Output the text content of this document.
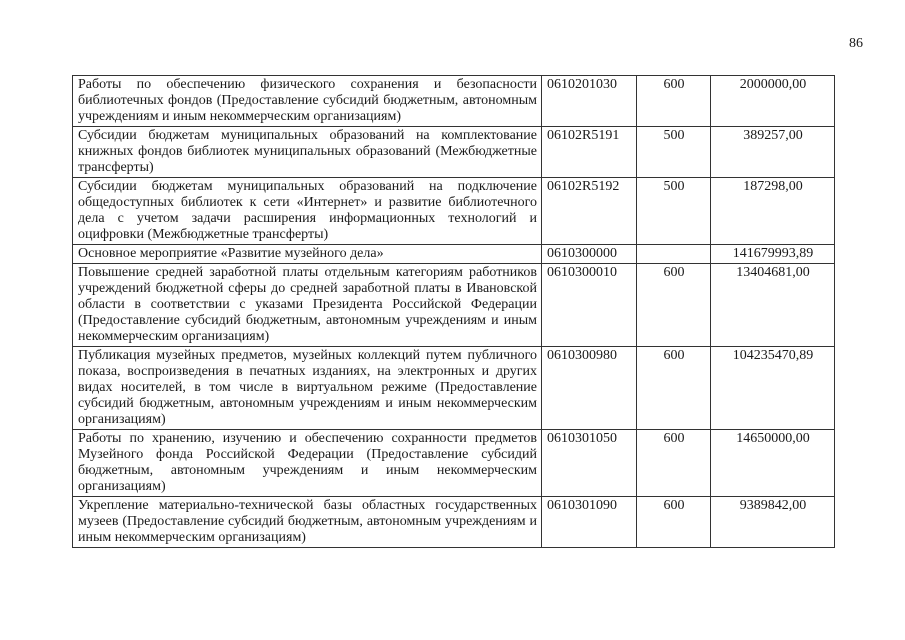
86
Работы по обеспечению физического сохранения и безопасности библиотечных фондов (Предоставление субсидий бюджетным, автономным учреждениям и иным некоммерческим организациям)	0610201030	600	2000000,00
Субсидии бюджетам муниципальных образований на комплектование книжных фондов библиотек муниципальных образований (Межбюджетные трансферты)	06102R5191	500	389257,00
Субсидии бюджетам муниципальных образований на подключение общедоступных библиотек к сети «Интернет» и развитие библиотечного дела с учетом задачи расширения информационных технологий и оцифровки (Межбюджетные трансферты)	06102R5192	500	187298,00
Основное мероприятие «Развитие музейного дела»	0610300000		141679993,89
Повышение средней заработной платы отдельным категориям работников учреждений бюджетной сферы до средней заработной платы в Ивановской области в соответствии с указами Президента Российской Федерации (Предоставление субсидий бюджетным, автономным учреждениям и иным некоммерческим организациям)	0610300010	600	13404681,00
Публикация музейных предметов, музейных коллекций путем публичного показа, воспроизведения в печатных изданиях, на электронных и других видах носителей, в том числе в виртуальном режиме (Предоставление субсидий бюджетным, автономным учреждениям и иным некоммерческим организациям)	0610300980	600	104235470,89
Работы по хранению, изучению и обеспечению сохранности предметов Музейного фонда Российской Федерации (Предоставление субсидий бюджетным, автономным учреждениям и иным некоммерческим организациям)	0610301050	600	14650000,00
Укрепление материально-технической базы областных государственных музеев (Предоставление субсидий бюджетным, автономным учреждениям и иным некоммерческим организациям)	0610301090	600	9389842,00
